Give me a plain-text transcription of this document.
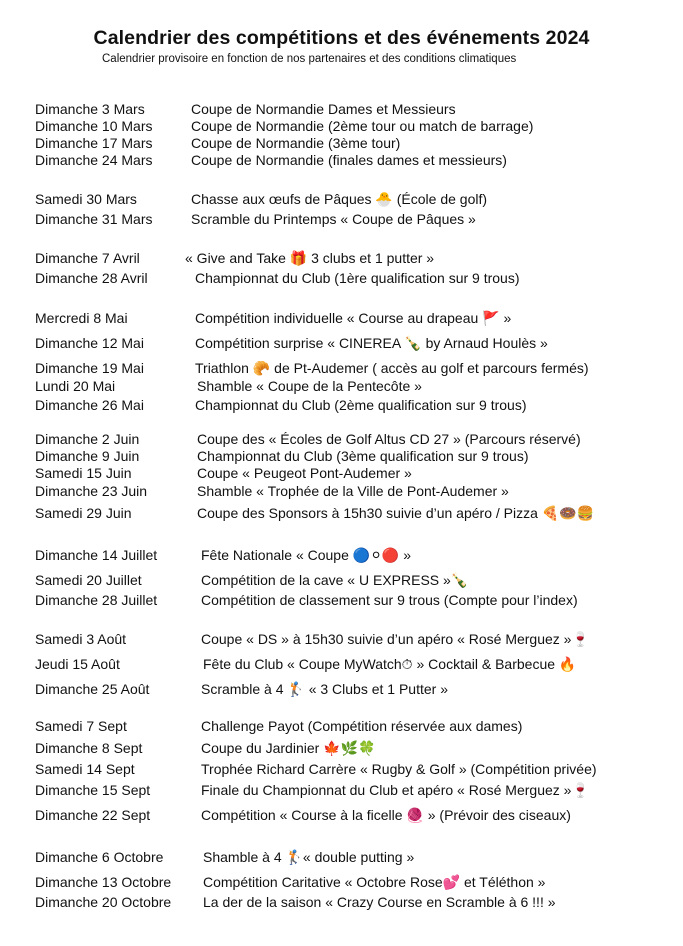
Calendrier des compétitions et des événements 2024
Calendrier provisoire en fonction de nos partenaires et des conditions climatiques
Dimanche 3 Mars	Coupe de Normandie Dames et Messieurs
Dimanche 10 Mars	Coupe de Normandie (2ème tour ou match de barrage)
Dimanche 17 Mars	Coupe de Normandie (3ème tour)
Dimanche 24 Mars	Coupe de Normandie (finales dames et messieurs)
Samedi 30 Mars	Chasse aux œufs de Pâques 🐣 (École de golf)
Dimanche 31 Mars	Scramble du Printemps « Coupe de Pâques »
Dimanche 7 Avril	« Give and Take 🎁 3 clubs et 1 putter »
Dimanche 28 Avril	Championnat du Club (1ère qualification sur 9 trous)
Mercredi 8 Mai	Compétition individuelle « Course au drapeau 🚩 »
Dimanche 12 Mai	Compétition surprise « CINEREA 🍾 by Arnaud Houlès »
Dimanche 19 Mai	Triathlon 🥐 de Pt-Audemer ( accès au golf et parcours fermés)
Lundi 20 Mai	Shamble « Coupe de la Pentecôte »
Dimanche 26 Mai	Championnat du Club (2ème qualification sur 9 trous)
Dimanche 2 Juin	Coupe des « Écoles de Golf Altus CD 27 » (Parcours réservé)
Dimanche 9 Juin	Championnat du Club (3ème qualification sur 9 trous)
Samedi 15 Juin	Coupe « Peugeot Pont-Audemer »
Dimanche 23 Juin	Shamble « Trophée de la Ville de Pont-Audemer »
Samedi 29 Juin	Coupe des Sponsors à 15h30 suivie d’un apéro / Pizza 🍕🍩🍔
Dimanche 14 Juillet	Fête Nationale « Coupe 🔵⚪🔴 »
Samedi 20 Juillet	Compétition de la cave « U EXPRESS »🍾
Dimanche 28 Juillet	Compétition de classement sur 9 trous (Compte pour l’index)
Samedi 3 Août	Coupe « DS » à 15h30 suivie d’un apéro « Rosé Merguez »🍷
Jeudi 15 Août	Fête du Club « Coupe MyWatch⏱ » Cocktail & Barbecue 🔥
Dimanche 25 Août	Scramble à 4 🏌 « 3 Clubs et 1 Putter »
Samedi 7 Sept	Challenge Payot (Compétition réservée aux dames)
Dimanche 8 Sept	Coupe du Jardinier 🍁🌿🍀
Samedi 14 Sept	Trophée Richard Carrère « Rugby & Golf » (Compétition privée)
Dimanche 15 Sept	Finale du Championnat du Club et apéro « Rosé Merguez »🍷
Dimanche 22 Sept	Compétition « Course à la ficelle 🧶 » (Prévoir des ciseaux)
Dimanche 6 Octobre	Shamble à 4 🏌« double putting »
Dimanche 13 Octobre Compétition Caritative « Octobre Rose💕 et Téléthon »
Dimanche 20 Octobre La der de la saison « Crazy Course en Scramble à 6 !!! »
